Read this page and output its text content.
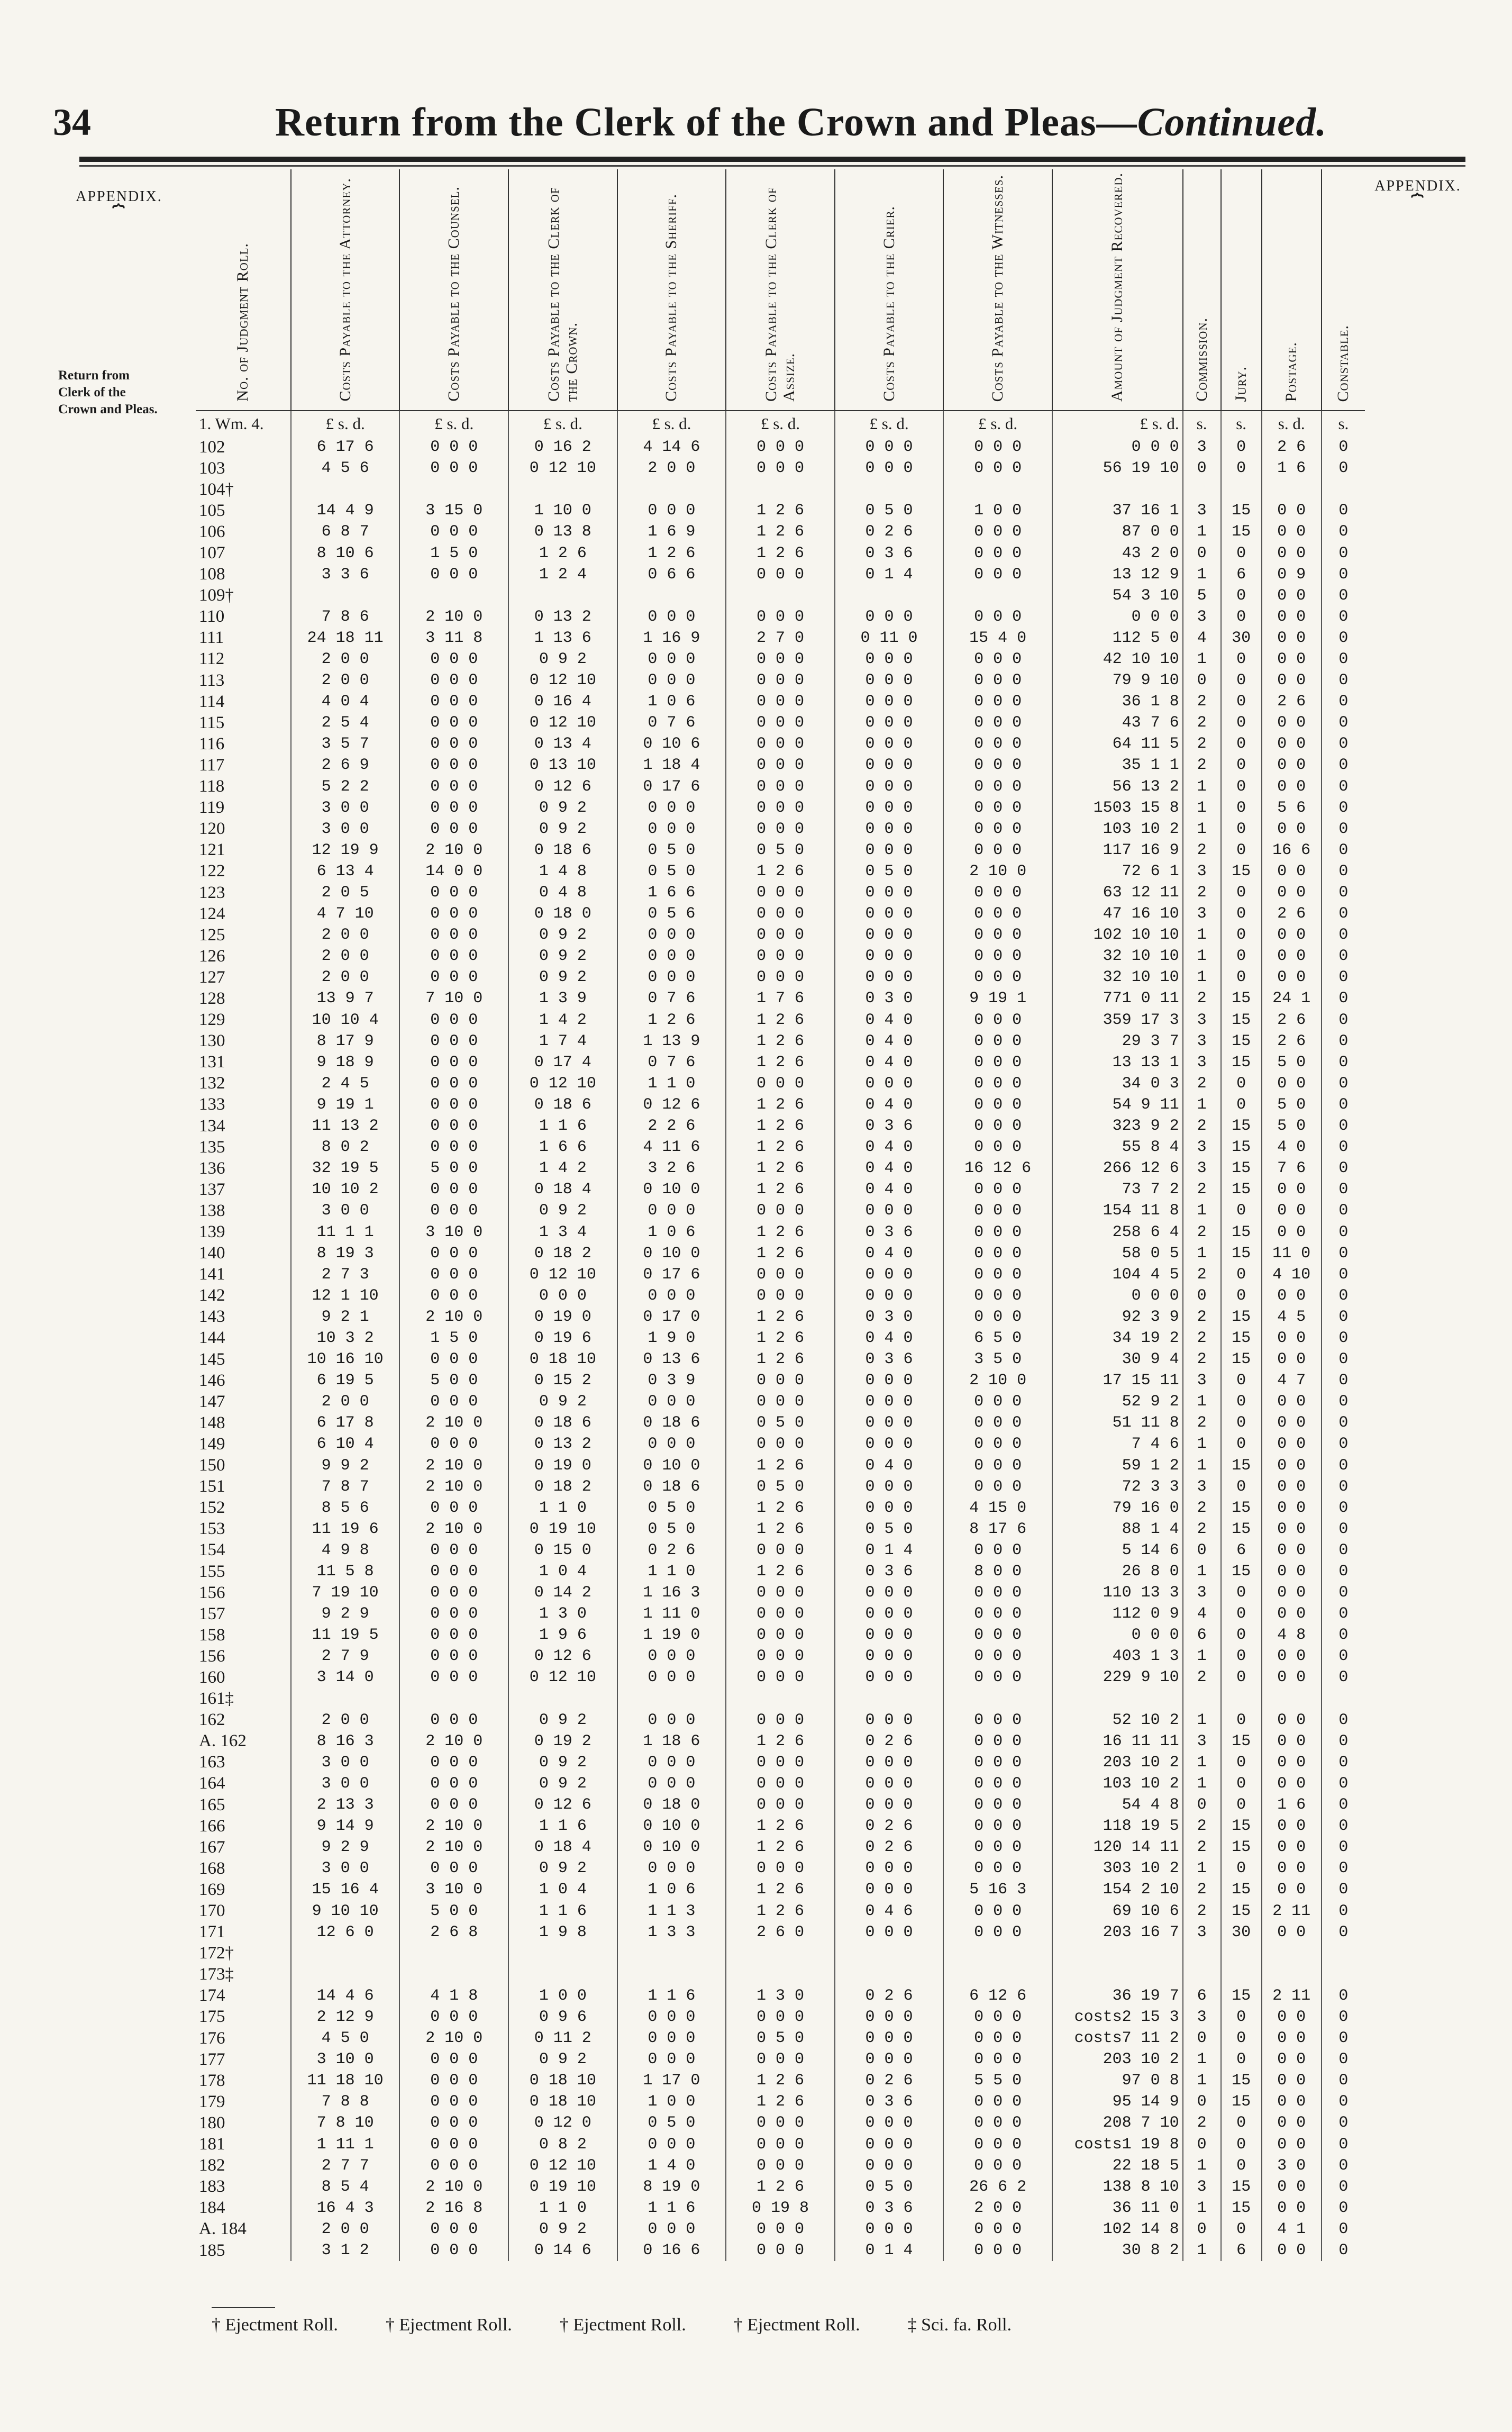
34	Return from the Clerk of the Crown and Pleas—Continued.
APPENDIX.
⏞
APPENDIX.
⏞
Return from Clerk of the Crown and Pleas.
No. of Judgment Roll.	Costs Payable to the Attorney.	Costs Payable to the Counsel.	Costs Payable to the Clerk of the Crown.	Costs Payable to the Sheriff.	Costs Payable to the Clerk of Assize.	Costs Payable to the Crier.	Costs Payable to the Witnesses.	Amount of Judgment Recovered.	Commission.	Jury.	Postage.	Constable.

1. Wm. 4.	£ s. d.	£ s. d.	£ s. d.	£ s. d.	£ s. d.	£ s. d.	£ s. d.	£ s. d.	s.	s.	s. d.	s.
102	6 17 6	0 0 0	0 16 2	4 14 6	0 0 0	0 0 0	0 0 0	0 0 0	3	0	2 6	0
103	4 5 6	0 0 0	0 12 10	2 0 0	0 0 0	0 0 0	0 0 0	56 19 10	0	0	1 6	0
104†												
105	14 4 9	3 15 0	1 10 0	0 0 0	1 2 6	0 5 0	1 0 0	37 16 1	3	15	0 0	0
106	6 8 7	0 0 0	0 13 8	1 6 9	1 2 6	0 2 6	0 0 0	87 0 0	1	15	0 0	0
107	8 10 6	1 5 0	1 2 6	1 2 6	1 2 6	0 3 6	0 0 0	43 2 0	0	0	0 0	0
108	3 3 6	0 0 0	1 2 4	0 6 6	0 0 0	0 1 4	0 0 0	13 12 9	1	6	0 9	0
109†								54 3 10	5	0	0 0	0
110	7 8 6	2 10 0	0 13 2	0 0 0	0 0 0	0 0 0	0 0 0	0 0 0	3	0	0 0	0
111	24 18 11	3 11 8	1 13 6	1 16 9	2 7 0	0 11 0	15 4 0	112 5 0	4	30	0 0	0
112	2 0 0	0 0 0	0 9 2	0 0 0	0 0 0	0 0 0	0 0 0	42 10 10	1	0	0 0	0
113	2 0 0	0 0 0	0 12 10	0 0 0	0 0 0	0 0 0	0 0 0	79 9 10	0	0	0 0	0
114	4 0 4	0 0 0	0 16 4	1 0 6	0 0 0	0 0 0	0 0 0	36 1 8	2	0	2 6	0
115	2 5 4	0 0 0	0 12 10	0 7 6	0 0 0	0 0 0	0 0 0	43 7 6	2	0	0 0	0
116	3 5 7	0 0 0	0 13 4	0 10 6	0 0 0	0 0 0	0 0 0	64 11 5	2	0	0 0	0
117	2 6 9	0 0 0	0 13 10	1 18 4	0 0 0	0 0 0	0 0 0	35 1 1	2	0	0 0	0
118	5 2 2	0 0 0	0 12 6	0 17 6	0 0 0	0 0 0	0 0 0	56 13 2	1	0	0 0	0
119	3 0 0	0 0 0	0 9 2	0 0 0	0 0 0	0 0 0	0 0 0	1503 15 8	1	0	5 6	0
120	3 0 0	0 0 0	0 9 2	0 0 0	0 0 0	0 0 0	0 0 0	103 10 2	1	0	0 0	0
121	12 19 9	2 10 0	0 18 6	0 5 0	0 5 0	0 0 0	0 0 0	117 16 9	2	0	16 6	0
122	6 13 4	14 0 0	1 4 8	0 5 0	1 2 6	0 5 0	2 10 0	72 6 1	3	15	0 0	0
123	2 0 5	0 0 0	0 4 8	1 6 6	0 0 0	0 0 0	0 0 0	63 12 11	2	0	0 0	0
124	4 7 10	0 0 0	0 18 0	0 5 6	0 0 0	0 0 0	0 0 0	47 16 10	3	0	2 6	0
125	2 0 0	0 0 0	0 9 2	0 0 0	0 0 0	0 0 0	0 0 0	102 10 10	1	0	0 0	0
126	2 0 0	0 0 0	0 9 2	0 0 0	0 0 0	0 0 0	0 0 0	32 10 10	1	0	0 0	0
127	2 0 0	0 0 0	0 9 2	0 0 0	0 0 0	0 0 0	0 0 0	32 10 10	1	0	0 0	0
128	13 9 7	7 10 0	1 3 9	0 7 6	1 7 6	0 3 0	9 19 1	771 0 11	2	15	24 1	0
129	10 10 4	0 0 0	1 4 2	1 2 6	1 2 6	0 4 0	0 0 0	359 17 3	3	15	2 6	0
130	8 17 9	0 0 0	1 7 4	1 13 9	1 2 6	0 4 0	0 0 0	29 3 7	3	15	2 6	0
131	9 18 9	0 0 0	0 17 4	0 7 6	1 2 6	0 4 0	0 0 0	13 13 1	3	15	5 0	0
132	2 4 5	0 0 0	0 12 10	1 1 0	0 0 0	0 0 0	0 0 0	34 0 3	2	0	0 0	0
133	9 19 1	0 0 0	0 18 6	0 12 6	1 2 6	0 4 0	0 0 0	54 9 11	1	0	5 0	0
134	11 13 2	0 0 0	1 1 6	2 2 6	1 2 6	0 3 6	0 0 0	323 9 2	2	15	5 0	0
135	8 0 2	0 0 0	1 6 6	4 11 6	1 2 6	0 4 0	0 0 0	55 8 4	3	15	4 0	0
136	32 19 5	5 0 0	1 4 2	3 2 6	1 2 6	0 4 0	16 12 6	266 12 6	3	15	7 6	0
137	10 10 2	0 0 0	0 18 4	0 10 0	1 2 6	0 4 0	0 0 0	73 7 2	2	15	0 0	0
138	3 0 0	0 0 0	0 9 2	0 0 0	0 0 0	0 0 0	0 0 0	154 11 8	1	0	0 0	0
139	11 1 1	3 10 0	1 3 4	1 0 6	1 2 6	0 3 6	0 0 0	258 6 4	2	15	0 0	0
140	8 19 3	0 0 0	0 18 2	0 10 0	1 2 6	0 4 0	0 0 0	58 0 5	1	15	11 0	0
141	2 7 3	0 0 0	0 12 10	0 17 6	0 0 0	0 0 0	0 0 0	104 4 5	2	0	4 10	0
142	12 1 10	0 0 0	0 0 0	0 0 0	0 0 0	0 0 0	0 0 0	0 0 0	0	0	0 0	0
143	9 2 1	2 10 0	0 19 0	0 17 0	1 2 6	0 3 0	0 0 0	92 3 9	2	15	4 5	0
144	10 3 2	1 5 0	0 19 6	1 9 0	1 2 6	0 4 0	6 5 0	34 19 2	2	15	0 0	0
145	10 16 10	0 0 0	0 18 10	0 13 6	1 2 6	0 3 6	3 5 0	30 9 4	2	15	0 0	0
146	6 19 5	5 0 0	0 15 2	0 3 9	0 0 0	0 0 0	2 10 0	17 15 11	3	0	4 7	0
147	2 0 0	0 0 0	0 9 2	0 0 0	0 0 0	0 0 0	0 0 0	52 9 2	1	0	0 0	0
148	6 17 8	2 10 0	0 18 6	0 18 6	0 5 0	0 0 0	0 0 0	51 11 8	2	0	0 0	0
149	6 10 4	0 0 0	0 13 2	0 0 0	0 0 0	0 0 0	0 0 0	7 4 6	1	0	0 0	0
150	9 9 2	2 10 0	0 19 0	0 10 0	1 2 6	0 4 0	0 0 0	59 1 2	1	15	0 0	0
151	7 8 7	2 10 0	0 18 2	0 18 6	0 5 0	0 0 0	0 0 0	72 3 3	3	0	0 0	0
152	8 5 6	0 0 0	1 1 0	0 5 0	1 2 6	0 0 0	4 15 0	79 16 0	2	15	0 0	0
153	11 19 6	2 10 0	0 19 10	0 5 0	1 2 6	0 5 0	8 17 6	88 1 4	2	15	0 0	0
154	4 9 8	0 0 0	0 15 0	0 2 6	0 0 0	0 1 4	0 0 0	5 14 6	0	6	0 0	0
155	11 5 8	0 0 0	1 0 4	1 1 0	1 2 6	0 3 6	8 0 0	26 8 0	1	15	0 0	0
156	7 19 10	0 0 0	0 14 2	1 16 3	0 0 0	0 0 0	0 0 0	110 13 3	3	0	0 0	0
157	9 2 9	0 0 0	1 3 0	1 11 0	0 0 0	0 0 0	0 0 0	112 0 9	4	0	0 0	0
158	11 19 5	0 0 0	1 9 6	1 19 0	0 0 0	0 0 0	0 0 0	0 0 0	6	0	4 8	0
156	2 7 9	0 0 0	0 12 6	0 0 0	0 0 0	0 0 0	0 0 0	403 1 3	1	0	0 0	0
160	3 14 0	0 0 0	0 12 10	0 0 0	0 0 0	0 0 0	0 0 0	229 9 10	2	0	0 0	0
161‡												
162	2 0 0	0 0 0	0 9 2	0 0 0	0 0 0	0 0 0	0 0 0	52 10 2	1	0	0 0	0
A. 162	8 16 3	2 10 0	0 19 2	1 18 6	1 2 6	0 2 6	0 0 0	16 11 11	3	15	0 0	0
163	3 0 0	0 0 0	0 9 2	0 0 0	0 0 0	0 0 0	0 0 0	203 10 2	1	0	0 0	0
164	3 0 0	0 0 0	0 9 2	0 0 0	0 0 0	0 0 0	0 0 0	103 10 2	1	0	0 0	0
165	2 13 3	0 0 0	0 12 6	0 18 0	0 0 0	0 0 0	0 0 0	54 4 8	0	0	1 6	0
166	9 14 9	2 10 0	1 1 6	0 10 0	1 2 6	0 2 6	0 0 0	118 19 5	2	15	0 0	0
167	9 2 9	2 10 0	0 18 4	0 10 0	1 2 6	0 2 6	0 0 0	120 14 11	2	15	0 0	0
168	3 0 0	0 0 0	0 9 2	0 0 0	0 0 0	0 0 0	0 0 0	303 10 2	1	0	0 0	0
169	15 16 4	3 10 0	1 0 4	1 0 6	1 2 6	0 0 0	5 16 3	154 2 10	2	15	0 0	0
170	9 10 10	5 0 0	1 1 6	1 1 3	1 2 6	0 4 6	0 0 0	69 10 6	2	15	2 11	0
171	12 6 0	2 6 8	1 9 8	1 3 3	2 6 0	0 0 0	0 0 0	203 16 7	3	30	0 0	0
172†												
173‡												
174	14 4 6	4 1 8	1 0 0	1 1 6	1 3 0	0 2 6	6 12 6	36 19 7	6	15	2 11	0
175	2 12 9	0 0 0	0 9 6	0 0 0	0 0 0	0 0 0	0 0 0	costs2 15 3	3	0	0 0	0
176	4 5 0	2 10 0	0 11 2	0 0 0	0 5 0	0 0 0	0 0 0	costs7 11 2	0	0	0 0	0
177	3 10 0	0 0 0	0 9 2	0 0 0	0 0 0	0 0 0	0 0 0	203 10 2	1	0	0 0	0
178	11 18 10	0 0 0	0 18 10	1 17 0	1 2 6	0 2 6	5 5 0	97 0 8	1	15	0 0	0
179	7 8 8	0 0 0	0 18 10	1 0 0	1 2 6	0 3 6	0 0 0	95 14 9	0	15	0 0	0
180	7 8 10	0 0 0	0 12 0	0 5 0	0 0 0	0 0 0	0 0 0	208 7 10	2	0	0 0	0
181	1 11 1	0 0 0	0 8 2	0 0 0	0 0 0	0 0 0	0 0 0	costs1 19 8	0	0	0 0	0
182	2 7 7	0 0 0	0 12 10	1 4 0	0 0 0	0 0 0	0 0 0	22 18 5	1	0	3 0	0
183	8 5 4	2 10 0	0 19 10	8 19 0	1 2 6	0 5 0	26 6 2	138 8 10	3	15	0 0	0
184	16 4 3	2 16 8	1 1 0	1 1 6	0 19 8	0 3 6	2 0 0	36 11 0	1	15	0 0	0
A. 184	2 0 0	0 0 0	0 9 2	0 0 0	0 0 0	0 0 0	0 0 0	102 14 8	0	0	4 1	0
185	3 1 2	0 0 0	0 14 6	0 16 6	0 0 0	0 1 4	0 0 0	30 8 2	1	6	0 0	0
† Ejectment Roll.	† Ejectment Roll.	† Ejectment Roll.	† Ejectment Roll.	‡ Sci. fa. Roll.
